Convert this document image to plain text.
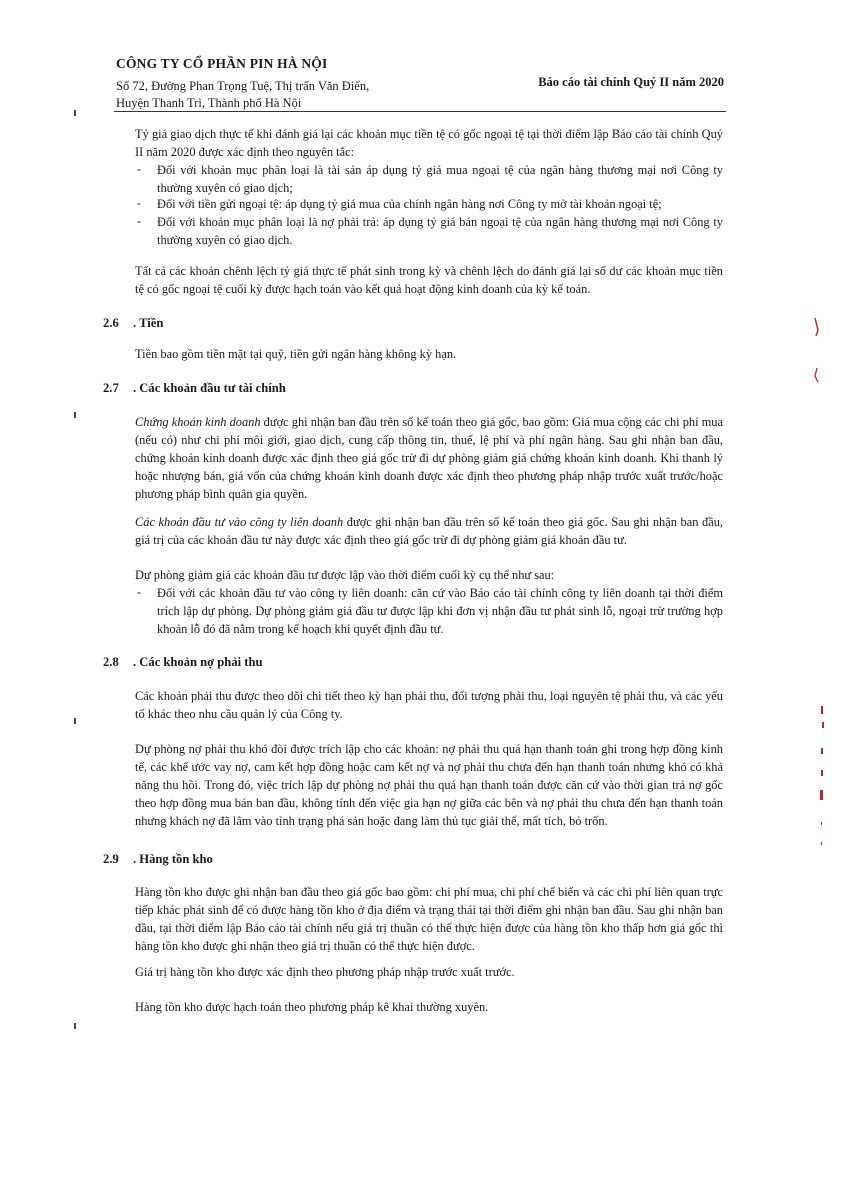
CÔNG TY CỔ PHẦN PIN HÀ NỘI
Số 72, Đường Phan Trọng Tuệ, Thị trấn Văn Điển,
Huyện Thanh Trì, Thành phố Hà Nội
Báo cáo tài chính Quý II năm 2020

Tỷ giá giao dịch thực tế khi đánh giá lại các khoản mục tiền tệ có gốc ngoại tệ tại thời điểm lập Báo cáo tài chính Quý II năm 2020 được xác định theo nguyên tắc:

- Đối với khoản mục phân loại là tài sản áp dụng tỷ giá mua ngoại tệ của ngân hàng thương mại nơi Công ty thường xuyên có giao dịch;
- Đối với tiền gửi ngoại tệ: áp dụng tỷ giá mua của chính ngân hàng nơi Công ty mở tài khoản ngoại tệ;
- Đối với khoản mục phân loại là nợ phải trả: áp dụng tỷ giá bán ngoại tệ của ngân hàng thương mại nơi Công ty thường xuyên có giao dịch.

Tất cả các khoản chênh lệch tỷ giá thực tế phát sinh trong kỳ và chênh lệch do đánh giá lại số dư các khoản mục tiền tệ có gốc ngoại tệ cuối kỳ được hạch toán vào kết quả hoạt động kinh doanh của kỳ kế toán.

2.6 . Tiền

Tiền bao gồm tiền mặt tại quỹ, tiền gửi ngân hàng không kỳ hạn.

2.7 . Các khoản đầu tư tài chính

Chứng khoán kinh doanh được ghi nhận ban đầu trên sổ kế toán theo giá gốc, bao gồm: Giá mua cộng các chi phí mua (nếu có) như chi phí môi giới, giao dịch, cung cấp thông tin, thuế, lệ phí và phí ngân hàng. Sau ghi nhận ban đầu, chứng khoán kinh doanh được xác định theo giá gốc trừ đi dự phòng giảm giá chứng khoán kinh doanh. Khi thanh lý hoặc nhượng bán, giá vốn của chứng khoán kinh doanh được xác định theo phương pháp nhập trước xuất trước/hoặc phương pháp bình quân gia quyền.

Các khoản đầu tư vào công ty liên doanh được ghi nhận ban đầu trên sổ kế toán theo giá gốc. Sau ghi nhận ban đầu, giá trị của các khoản đầu tư này được xác định theo giá gốc trừ đi dự phòng giảm giá khoản đầu tư.

Dự phòng giảm giá các khoản đầu tư được lập vào thời điểm cuối kỳ cụ thể như sau:

- Đối với các khoản đầu tư vào công ty liên doanh: căn cứ vào Báo cáo tài chính công ty liên doanh tại thời điểm trích lập dự phòng. Dự phòng giảm giá đầu tư được lập khi đơn vị nhận đầu tư phát sinh lỗ, ngoại trừ trường hợp khoản lỗ đó đã nằm trong kế hoạch khi quyết định đầu tư.
2.8 . Các khoản nợ phải thu

Các khoản phải thu được theo dõi chi tiết theo kỳ hạn phải thu, đối tượng phải thu, loại nguyên tệ phải thu, và các yếu tố khác theo nhu cầu quản lý của Công ty.

Dự phòng nợ phải thu khó đòi được trích lập cho các khoản: nợ phải thu quá hạn thanh toán ghi trong hợp đồng kinh tế, các khế ước vay nợ, cam kết hợp đồng hoặc cam kết nợ và nợ phải thu chưa đến hạn thanh toán nhưng khó có khả năng thu hồi. Trong đó, việc trích lập dự phòng nợ phải thu quá hạn thanh toán được căn cứ vào thời gian trả nợ gốc theo hợp đồng mua bán ban đầu, không tính đến việc gia hạn nợ giữa các bên và nợ phải thu chưa đến hạn thanh toán nhưng khách nợ đã lâm vào tình trạng phá sản hoặc đang làm thủ tục giải thể, mất tích, bỏ trốn.

2.9 . Hàng tồn kho

Hàng tồn kho được ghi nhận ban đầu theo giá gốc bao gồm: chi phí mua, chi phí chế biến và các chi phí liên quan trực tiếp khác phát sinh để có được hàng tồn kho ở địa điểm và trạng thái tại thời điểm ghi nhận ban đầu. Sau ghi nhận ban đầu, tại thời điểm lập Báo cáo tài chính nếu giá trị thuần có thể thực hiện được của hàng tồn kho thấp hơn giá gốc thì hàng tồn kho được ghi nhận theo giá trị thuần có thể thực hiện được.

Giá trị hàng tồn kho được xác định theo phương pháp nhập trước xuất trước.

Hàng tồn kho được hạch toán theo phương pháp kê khai thường xuyên.
